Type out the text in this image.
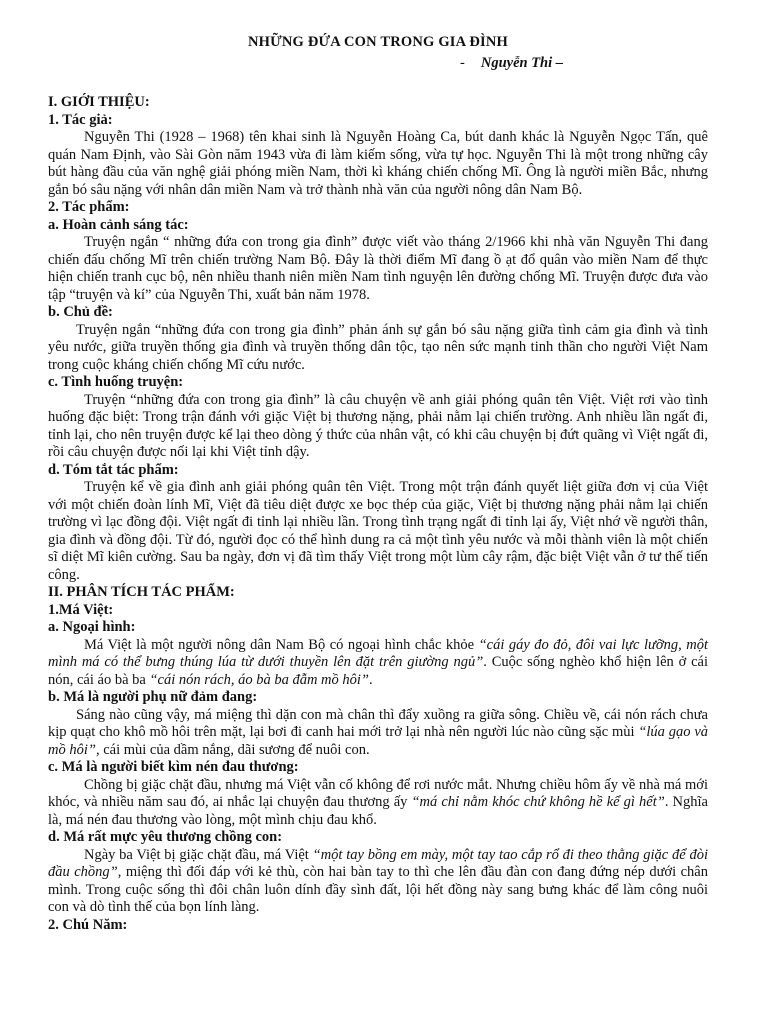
NHỮNG ĐỨA CON TRONG GIA ĐÌNH
- Nguyễn Thi –
I. GIỚI THIỆU:
1. Tác giả:

Nguyễn Thi (1928 – 1968) tên khai sinh là Nguyễn Hoàng Ca, bút danh khác là Nguyễn Ngọc Tấn, quê quán Nam Định, vào Sài Gòn năm 1943 vừa đi làm kiếm sống, vừa tự học. Nguyễn Thi là một trong những cây bút hàng đầu của văn nghệ giải phóng miền Nam, thời kì kháng chiến chống Mĩ. Ông là người miền Bắc, nhưng gắn bó sâu nặng với nhân dân miền Nam và trở thành nhà văn của người nông dân Nam Bộ.

2. Tác phẩm:
a. Hoàn cảnh sáng tác:

Truyện ngắn “ những đứa con trong gia đình” được viết vào tháng 2/1966 khi nhà văn Nguyễn Thi đang chiến đấu chống Mĩ trên chiến trường Nam Bộ. Đây là thời điểm Mĩ đang ồ ạt đổ quân vào miền Nam để thực hiện chiến tranh cục bộ, nên nhiều thanh niên miền Nam tình nguyện lên đường chống Mĩ. Truyện được đưa vào tập “truyện và kí” của Nguyễn Thi, xuất bản năm 1978.

b. Chủ đề:

Truyện ngắn “những đứa con trong gia đình” phản ánh sự gắn bó sâu nặng giữa tình cảm gia đình và tình yêu nước, giữa truyền thống gia đình và truyền thống dân tộc, tạo nên sức mạnh tinh thần cho người Việt Nam trong cuộc kháng chiến chống Mĩ cứu nước.

c. Tình huống truyện:

Truyện “những đứa con trong gia đình” là câu chuyện về anh giải phóng quân tên Việt. Việt rơi vào tình huống đặc biệt: Trong trận đánh với giặc Việt bị thương nặng, phải nằm lại chiến trường. Anh nhiều lần ngất đi, tỉnh lại, cho nên truyện được kể lại theo dòng ý thức của nhân vật, có khi câu chuyện bị đứt quãng vì Việt ngất đi, rồi câu chuyện được nối lại khi Việt tỉnh dậy.

d. Tóm tắt tác phẩm:

Truyện kể về gia đình anh giải phóng quân tên Việt. Trong một trận đánh quyết liệt giữa đơn vị của Việt với một chiến đoàn lính Mĩ, Việt đã tiêu diệt được xe bọc thép của giặc, Việt bị thương nặng phải nằm lại chiến trường vì lạc đồng đội. Việt ngất đi tỉnh lại nhiều lần. Trong tình trạng ngất đi tỉnh lại ấy, Việt nhớ về người thân, gia đình và đồng đội. Từ đó, người đọc có thể hình dung ra cả một tình yêu nước và mỗi thành viên là một chiến sĩ diệt Mĩ kiên cường. Sau ba ngày, đơn vị đã tìm thấy Việt trong một lùm cây rậm, đặc biệt Việt vẫn ở tư thế tiến công.

II. PHÂN TÍCH TÁC PHẨM:
1.Má Việt:
a. Ngoại hình:

Má Việt là một người nông dân Nam Bộ có ngoại hình chắc khỏe “cái gáy đo đỏ, đôi vai lực lưỡng, một mình má có thể bưng thúng lúa từ dưới thuyền lên đặt trên giường ngủ”. Cuộc sống nghèo khổ hiện lên ở cái nón, cái áo bà ba “cái nón rách, áo bà ba đẫm mồ hôi”.

b. Má là người phụ nữ đảm đang:

Sáng nào cũng vậy, má miệng thì dặn con mà chân thì đẩy xuồng ra giữa sông. Chiều về, cái nón rách chưa kịp quạt cho khô mồ hôi trên mặt, lại bơi đi canh hai mới trở lại nhà nên người lúc nào cũng sặc mùi “lúa gạo và mồ hôi”, cái mùi của dầm nắng, dãi sương để nuôi con.

c. Má là người biết kìm nén đau thương:

Chồng bị giặc chặt đầu, nhưng má Việt vẫn cố không để rơi nước mắt. Nhưng chiều hôm ấy về nhà má mới khóc, và nhiều năm sau đó, ai nhắc lại chuyện đau thương ấy “má chỉ nằm khóc chứ không hề kể gì hết”. Nghĩa là, má nén đau thương vào lòng, một mình chịu đau khổ.

d. Má rất mực yêu thương chồng con:

Ngày ba Việt bị giặc chặt đầu, má Việt “một tay bồng em mày, một tay tao cắp rổ đi theo thằng giặc để đòi đầu chồng”, miệng thì đối đáp với kẻ thù, còn hai bàn tay to thì che lên đầu đàn con đang đứng nép dưới chân mình. Trong cuộc sống thì đôi chân luôn dính đầy sình đất, lội hết đồng này sang bưng khác để làm công nuôi con và dò tình thế của bọn lính làng.

2. Chú Năm:
